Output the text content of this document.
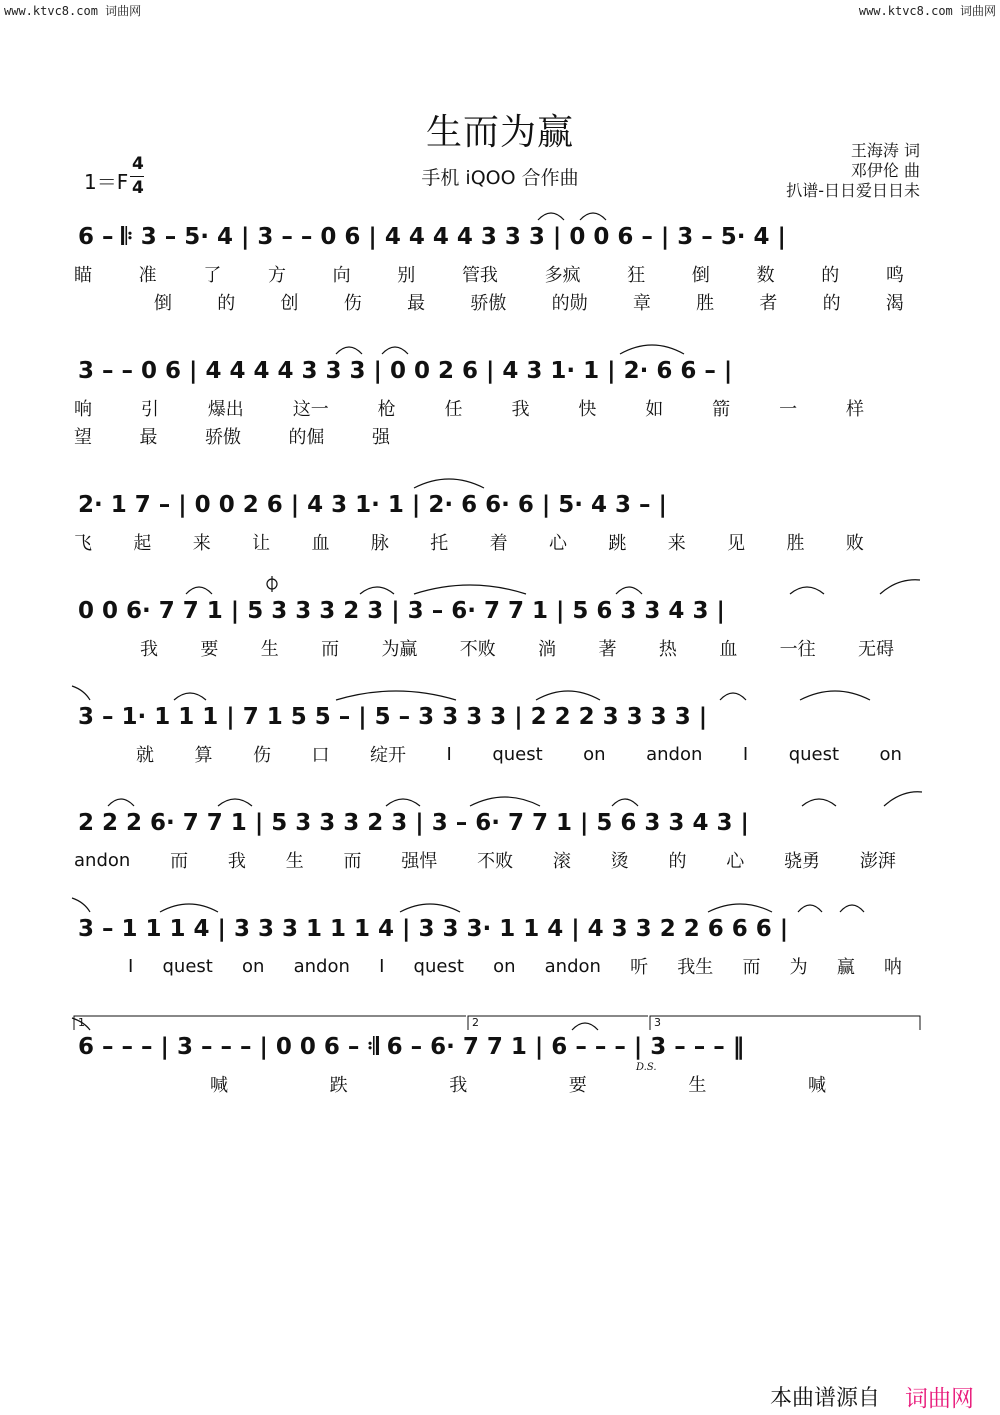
www.ktvc8.com 词曲网	www.ktvc8.com 词曲网
生而为赢
手机 iQOO 合作曲
王海涛 词
邓伊伦 曲
扒谱-日日爱日日未
1＝F
4
4
6 – 𝄆 3 – 5· 4 | 3 – – 0 6 | 4 4 4 4 3 3 3 | 0 0 6 – | 3 – 5· 4 |
瞄	准	了	方	向	别	管我	多疯	狂	倒	数	的	鸣
倒	的	创	伤	最	骄傲	的勋	章	胜	者	的	渴
3 – – 0 6 | 4 4 4 4 3 3 3 | 0 0 2 6 | 4 3 1· 1 | 2· 6 6 – |
响	引	爆出	这一	枪	任	我	快	如	箭	一	样
望	最	骄傲	的倔	强
2· 1 7 – | 0 0 2 6 | 4 3 1· 1 | 2· 6 6· 6 | 5· 4 3 – |
飞 起 来 让 血 脉 托 着 心 跳 来 见 胜 败
0 0 6· 7 7 1 | 5 3 3 3 2 3 | 3 – 6· 7 7 1 | 5 6 3 3 4 3 |
我 要 生 而 为赢 不败 淌 著 热 血 一往 无碍
3 – 1· 1 1 1 | 7 1 5 5 – | 5 – 3 3 3 3 | 2 2 2 3 3 3 3 |
就 算 伤 口 绽开 I quest on andon I quest on
2 2 2 6· 7 7 1 | 5 3 3 3 2 3 | 3 – 6· 7 7 1 | 5 6 3 3 4 3 |
andon 而 我 生 而 强悍 不败 滚 烫 的 心 骁勇 澎湃
3 – 1 1 1 4 | 3 3 3 1 1 1 4 | 3 3 3· 1 1 4 | 4 3 3 2 2 6 6 6 |
I quest on andon I quest on andon 听 我生 而 为 赢 呐
6 – – – | 3 – – – | 0 0 6 – 𝄇 6 – 6· 7 7 1 | 6 – – – | 3 – – – ‖
喊	跌	我	要	生	喊
1	2	3
D.S.
本曲谱源自 词曲网
